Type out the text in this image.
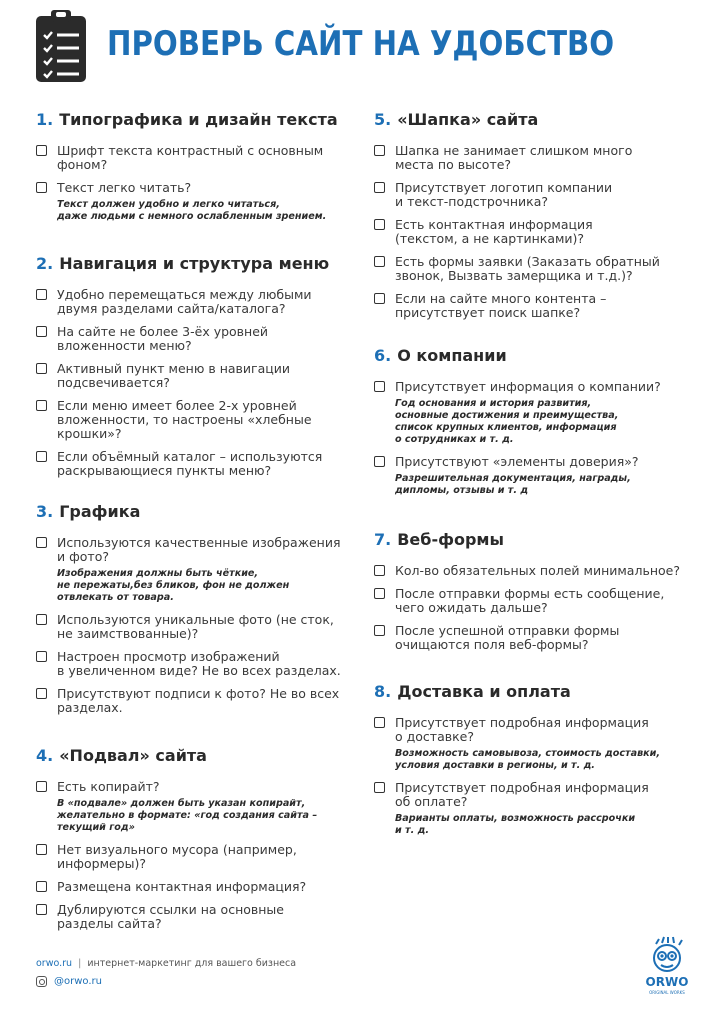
ПРОВЕРЬ САЙТ НА УДОБСТВО
1. Типографика и дизайн текста
Шрифт текста контрастный с основным
фоном?
Текст легко читать?
Текст должен удобно и легко читаться,
даже людьми с немного ослабленным зрением.
2. Навигация и структура меню
Удобно перемещаться между любыми
двумя разделами сайта/каталога?
На сайте не более 3-ёх уровней
вложенности меню?
Активный пункт меню в навигации
подсвечивается?
Если меню имеет более 2-х уровней
вложенности, то настроены «хлебные
крошки»?
Если объёмный каталог – используются
раскрывающиеся пункты меню?
3. Графика
Используются качественные изображения
и фото?
Изображения должны быть чёткие,
не пережаты,без бликов, фон не должен
отвлекать от товара.
Используются уникальные фото (не сток,
не заимствованные)?
Настроен просмотр изображений
в увеличенном виде? Не во всех разделах.
Присутствуют подписи к фото? Не во всех
разделах.
4. «Подвал» сайта
Есть копирайт?
В «подвале» должен быть указан копирайт,
желательно в формате: «год создания сайта –
текущий год»
Нет визуального мусора (например,
информеры)?
Размещена контактная информация?
Дублируются ссылки на основные
разделы сайта?
5. «Шапка» сайта
Шапка не занимает слишком много
места по высоте?
Присутствует логотип компании
и текст-подстрочника?
Есть контактная информация
(текстом, а не картинками)?
Есть формы заявки (Заказать обратный
звонок, Вызвать замерщика и т.д.)?
Если на сайте много контента –
присутствует поиск шапке?
6. О компании
Присутствует информация о компании?
Год основания и история развития,
основные достижения и преимущества,
список крупных клиентов, информация
о сотрудниках и т. д.
Присутствуют «элементы доверия»?
Разрешительная документация, награды,
дипломы, отзывы и т. д
7. Веб-формы
Кол-во обязательных полей минимальное?
После отправки формы есть сообщение,
чего ожидать дальше?
После успешной отправки формы
очищаются поля веб-формы?
8. Доставка и оплата
Присутствует подробная информация
о доставке?
Возможность самовывоза, стоимость доставки,
условия доставки в регионы, и т. д.
Присутствует подробная информация
об оплате?
Варианты оплаты, возможность рассрочки
и т. д.
orwo.ru | интернет-маркетинг для вашего бизнеса
@orwo.ru	ORWO
ORIGINAL WORKS
